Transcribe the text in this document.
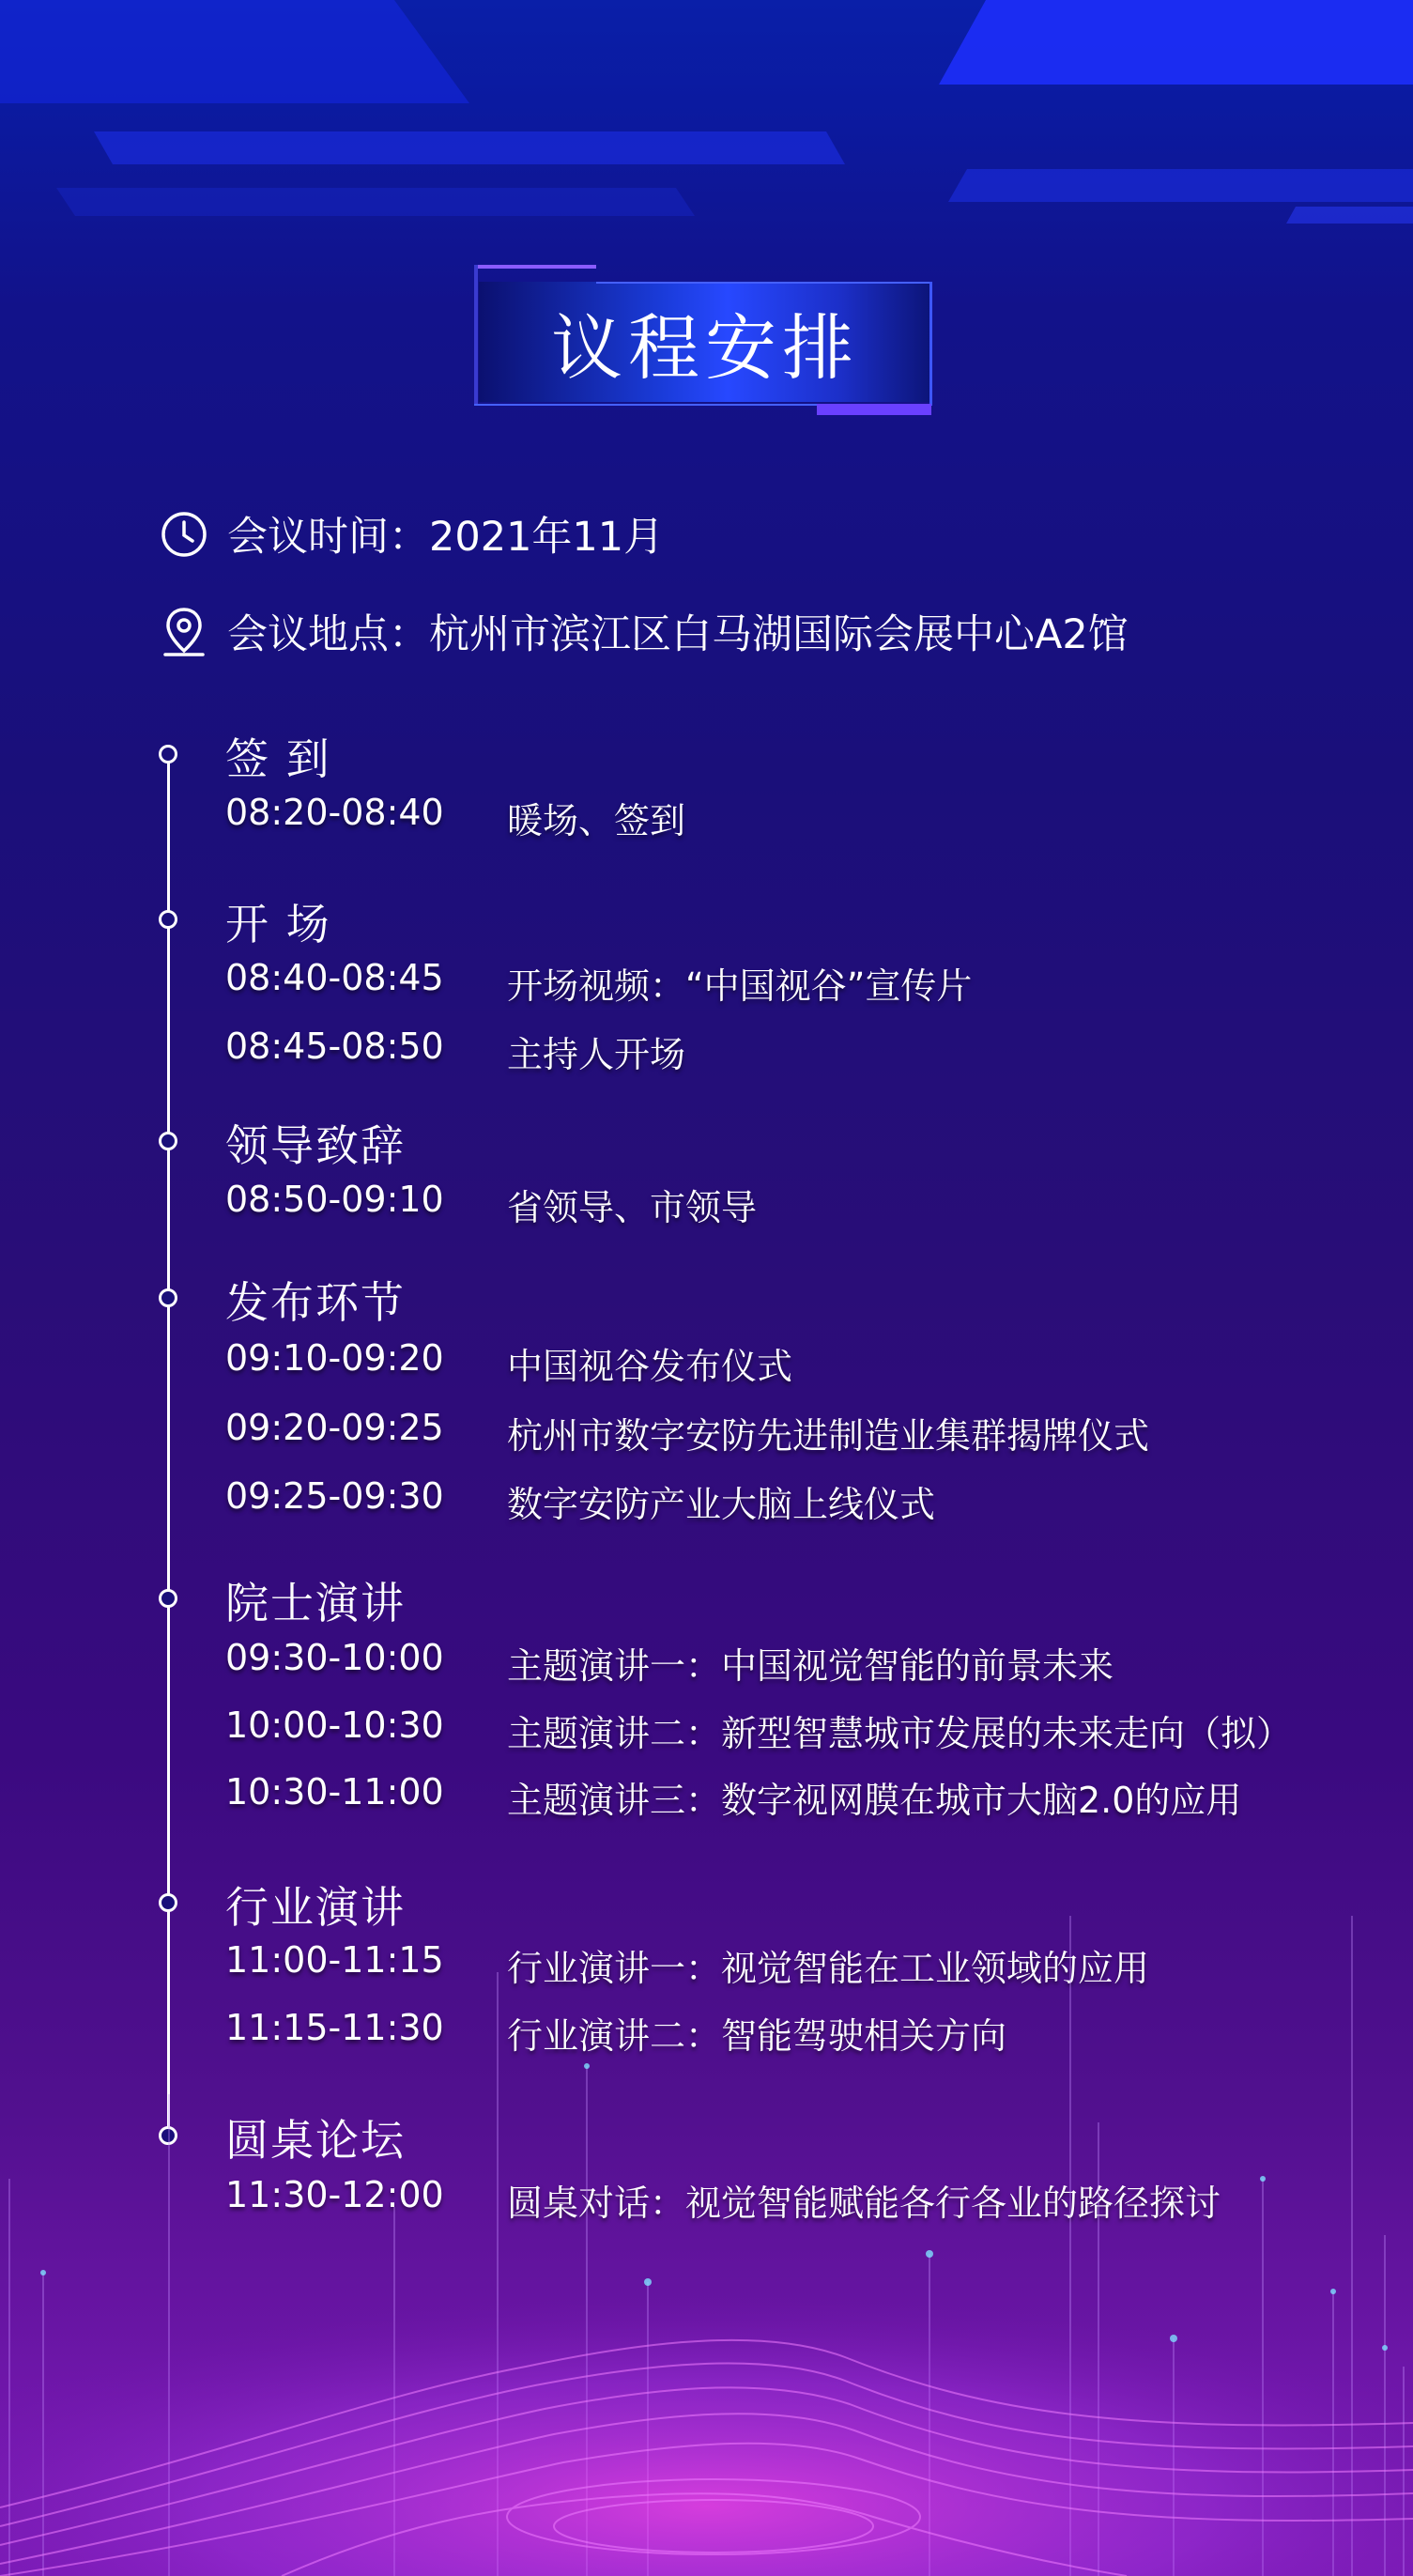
议程安排
会议时间： 2021年11月
会议地点： 杭州市滨江区白马湖国际会展中心A2馆
签 到
08:20-08:40	暖场、签到
开 场
08:40-08:45	开场视频：“中国视谷”宣传片
08:45-08:50	主持人开场
领导致辞
08:50-09:10	省领导、市领导
发布环节
09:10-09:20	中国视谷发布仪式
09:20-09:25	杭州市数字安防先进制造业集群揭牌仪式
09:25-09:30	数字安防产业大脑上线仪式
院士演讲
09:30-10:00	主题演讲一：中国视觉智能的前景未来
10:00-10:30	主题演讲二：新型智慧城市发展的未来走向（拟）
10:30-11:00	主题演讲三：数字视网膜在城市大脑2.0的应用
行业演讲
11:00-11:15	行业演讲一：视觉智能在工业领域的应用
11:15-11:30	行业演讲二：智能驾驶相关方向
圆桌论坛
11:30-12:00	圆桌对话：视觉智能赋能各行各业的路径探讨
